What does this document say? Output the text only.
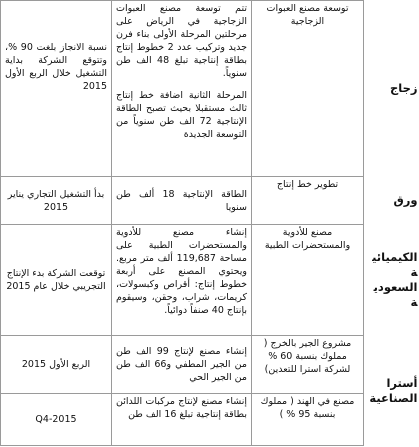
زجاج	توسعة مصنع العبوات الزجاجية	تتم توسعة مصنع العبوات الزجاجية في الرياض على مرحلتين المرحلة الأولى بناء فرن جديد وتركيب عدد 2 خطوط إنتاج بطاقة إنتاجية تبلغ 48 الف طن سنوياً.
المرحلة الثانية اضافة خط إنتاج ثالث مستقبلا بحيث تصبح الطاقة الإنتاجية 72 الف طن سنوياً من التوسعة الجديدة	نسبة الانجاز بلغت 90 %، وتتوقع الشركة بداية التشغيل خلال الربع الأول 2015
ورق	تطوير خط إنتاج	الطاقة الإنتاجية 18 ألف طن سنويا	بدأ التشغيل التجاري يناير 2015
الكيميائية السعودية	مصنع للأدوية والمستحضرات الطبية	إنشاء مصنع للأدوية والمستحضرات الطبية على مساحة 119,687 ألف متر مربع. ويحتوي المصنع على أربعة خطوط إنتاج: أقراص وكبسولات، كريمات، شراب، وحقن، وسيقوم بإنتاج 40 صنفاً دوائياً.	توقعت الشركة بدء الإنتاج التجريبي خلال عام 2015
أسترا الصناعية	مشروع الجير بالخرج ( مملوك بنسبة 60 % لشركة استرا للتعدين)	إنشاء مصنع لإنتاج 99 الف طن من الجير المطفي و66 الف طن من الجير الحي	الربع الأول 2015
	مصنع في الهند ( مملوك بنسبة 95 % )	إنشاء مصنع لإنتاج مركبات اللدائن بطاقة إنتاجية تبلغ 16 الف طن	Q4-2015
